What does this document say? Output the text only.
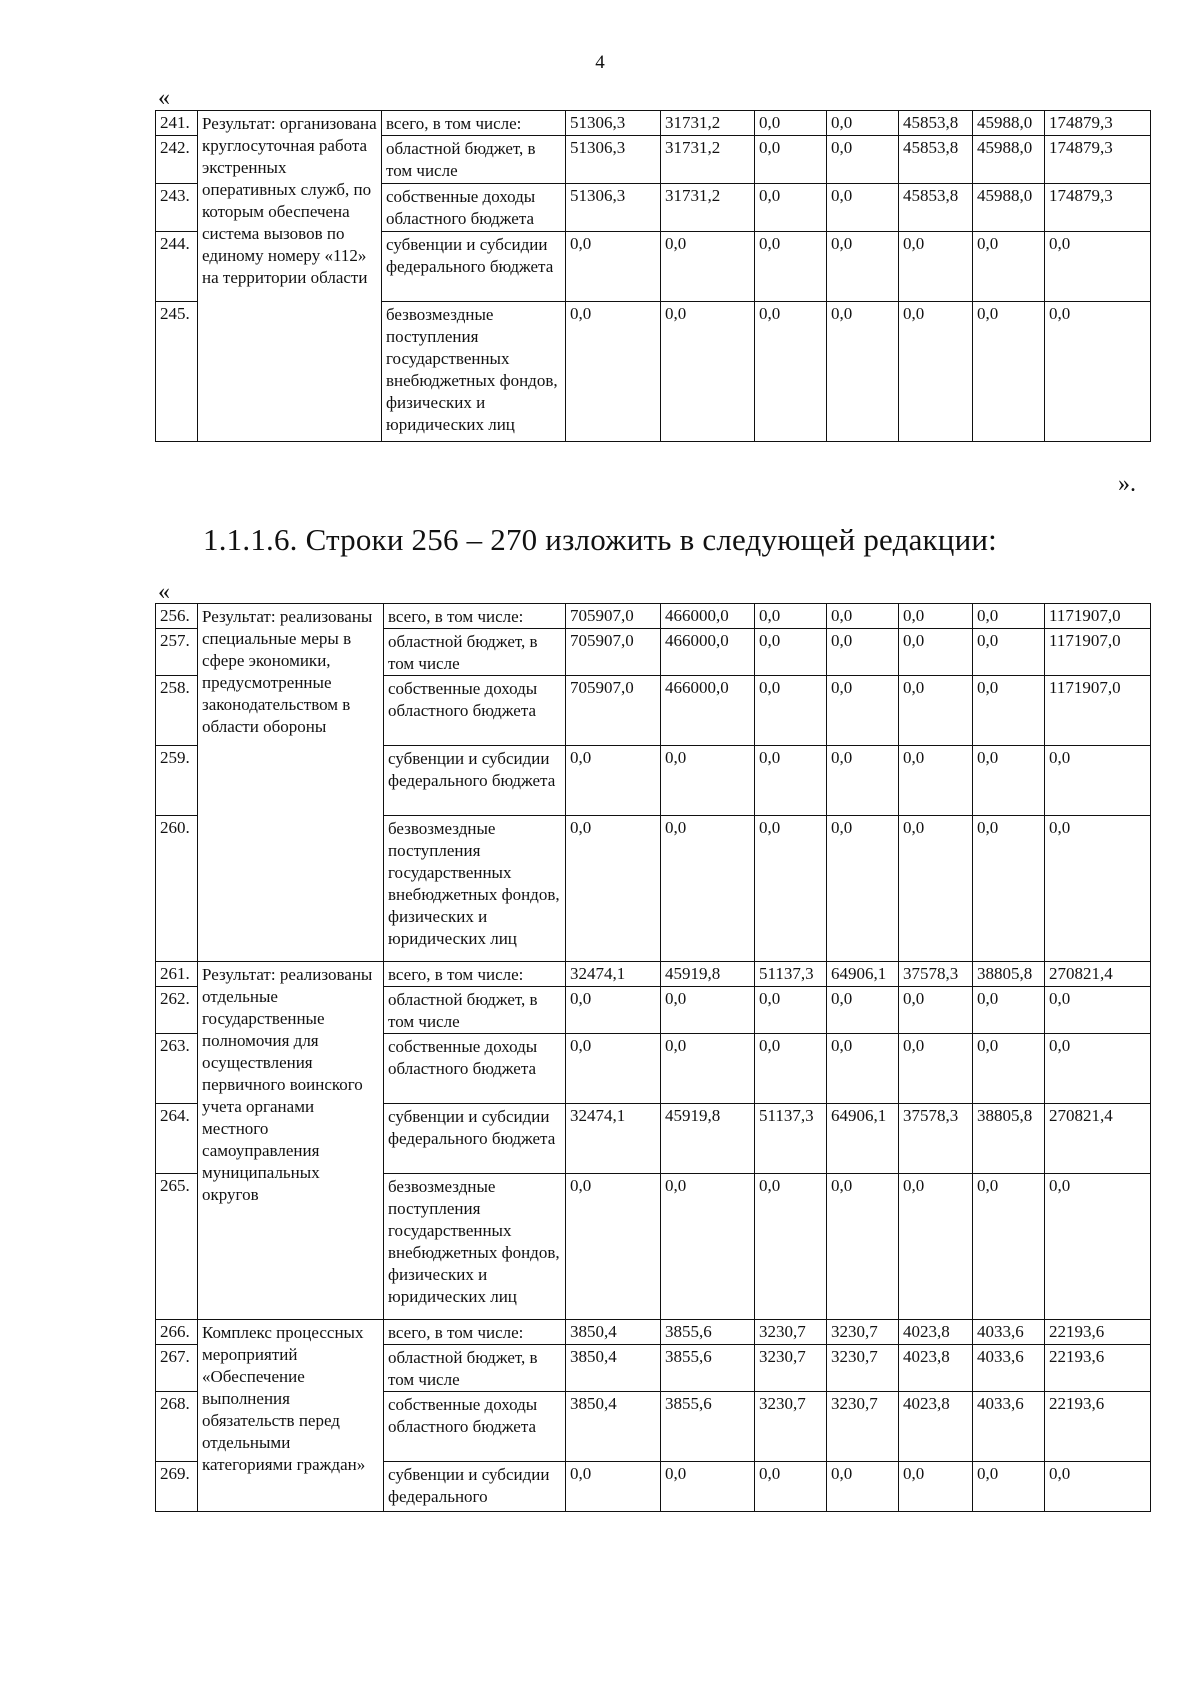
4
«
241.	Результат: организована круглосуточная работа экстренных оперативных служб, по которым обеспечена система вызовов по единому номеру «112» на территории области	всего, в том числе:	51306,3	31731,2	0,0	0,0	45853,8	45988,0	174879,3
242.		областной бюджет, в том числе	51306,3	31731,2	0,0	0,0	45853,8	45988,0	174879,3
243.		собственные доходы областного бюджета	51306,3	31731,2	0,0	0,0	45853,8	45988,0	174879,3
244.		субвенции и субсидии федерального бюджета	0,0	0,0	0,0	0,0	0,0	0,0	0,0
245.		безвозмездные поступления государственных внебюджетных фондов, физических и юридических лиц	0,0	0,0	0,0	0,0	0,0	0,0	0,0
».
1.1.1.6. Строки 256 – 270 изложить в следующей редакции:
«
256.	Результат: реализованы специальные меры в сфере экономики, предусмотренные законодательством в области обороны	всего, в том числе:	705907,0	466000,0	0,0	0,0	0,0	0,0	1171907,0
257.		областной бюджет, в том числе	705907,0	466000,0	0,0	0,0	0,0	0,0	1171907,0
258.		собственные доходы областного бюджета	705907,0	466000,0	0,0	0,0	0,0	0,0	1171907,0
259.		субвенции и субсидии федерального бюджета	0,0	0,0	0,0	0,0	0,0	0,0	0,0
260.		безвозмездные поступления государственных внебюджетных фондов, физических и юридических лиц	0,0	0,0	0,0	0,0	0,0	0,0	0,0
261.	Результат: реализованы отдельные государственные полномочия для осуществления первичного воинского учета органами местного самоуправления муниципальных округов	всего, в том числе:	32474,1	45919,8	51137,3	64906,1	37578,3	38805,8	270821,4
262.		областной бюджет, в том числе	0,0	0,0	0,0	0,0	0,0	0,0	0,0
263.		собственные доходы областного бюджета	0,0	0,0	0,0	0,0	0,0	0,0	0,0
264.		субвенции и субсидии федерального бюджета	32474,1	45919,8	51137,3	64906,1	37578,3	38805,8	270821,4
265.		безвозмездные поступления государственных внебюджетных фондов, физических и юридических лиц	0,0	0,0	0,0	0,0	0,0	0,0	0,0
266.	Комплекс процессных мероприятий «Обеспечение выполнения обязательств перед отдельными категориями граждан»	всего, в том числе:	3850,4	3855,6	3230,7	3230,7	4023,8	4033,6	22193,6
267.		областной бюджет, в том числе	3850,4	3855,6	3230,7	3230,7	4023,8	4033,6	22193,6
268.		собственные доходы областного бюджета	3850,4	3855,6	3230,7	3230,7	4023,8	4033,6	22193,6
269.		субвенции и субсидии федерального	0,0	0,0	0,0	0,0	0,0	0,0	0,0
